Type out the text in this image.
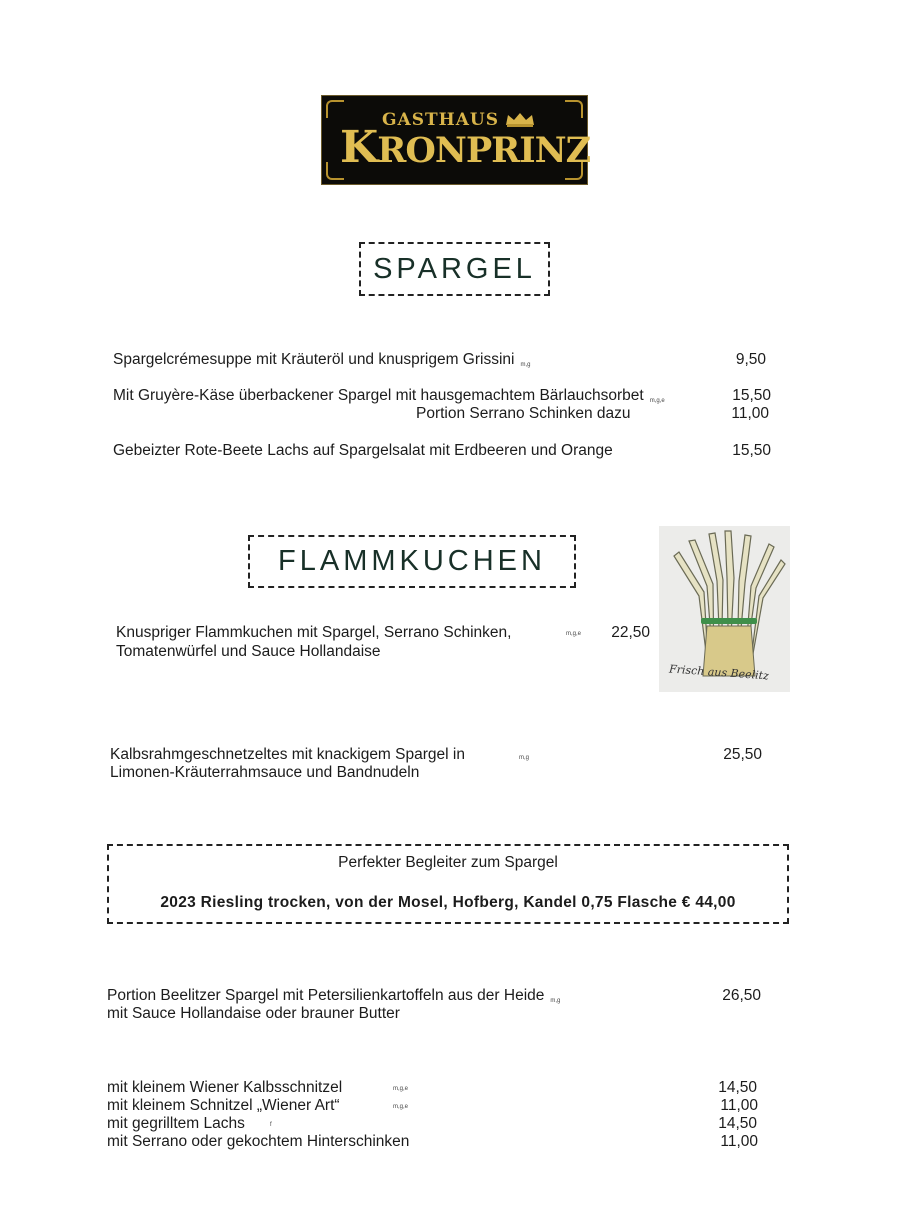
GASTHAUS
KRONPRINZ
SPARGEL
Spargelcrémesuppe mit Kräuteröl und knusprigem Grissini m,g	9,50
Mit Gruyère-Käse überbackener Spargel mit hausgemachtem Bärlauchsorbet m,g,e	15,50
Portion Serrano Schinken dazu	11,00
Gebeizter Rote-Beete Lachs auf Spargelsalat mit Erdbeeren und Orange	15,50
FLAMMKUCHEN
Frisch aus Beelitz
Knuspriger Flammkuchen mit Spargel, Serrano Schinken,
Tomatenwürfel und Sauce Hollandaise
m,g,e	22,50
Kalbsrahmgeschnetzeltes mit knackigem Spargel in
Limonen-Kräuterrahmsauce und Bandnudeln
m,g	25,50
Perfekter Begleiter zum Spargel
2023 Riesling trocken, von der Mosel, Hofberg, Kandel 0,75 Flasche € 44,00
Portion Beelitzer Spargel mit Petersilienkartoffeln aus der Heide m,g
mit Sauce Hollandaise oder brauner Butter
26,50
mit kleinem Wiener Kalbsschnitzel	m,g,e	14,50
mit kleinem Schnitzel „Wiener Art“	m,g,e	11,00
mit gegrilltem Lachs	f	14,50
mit Serrano oder gekochtem Hinterschinken	11,00
